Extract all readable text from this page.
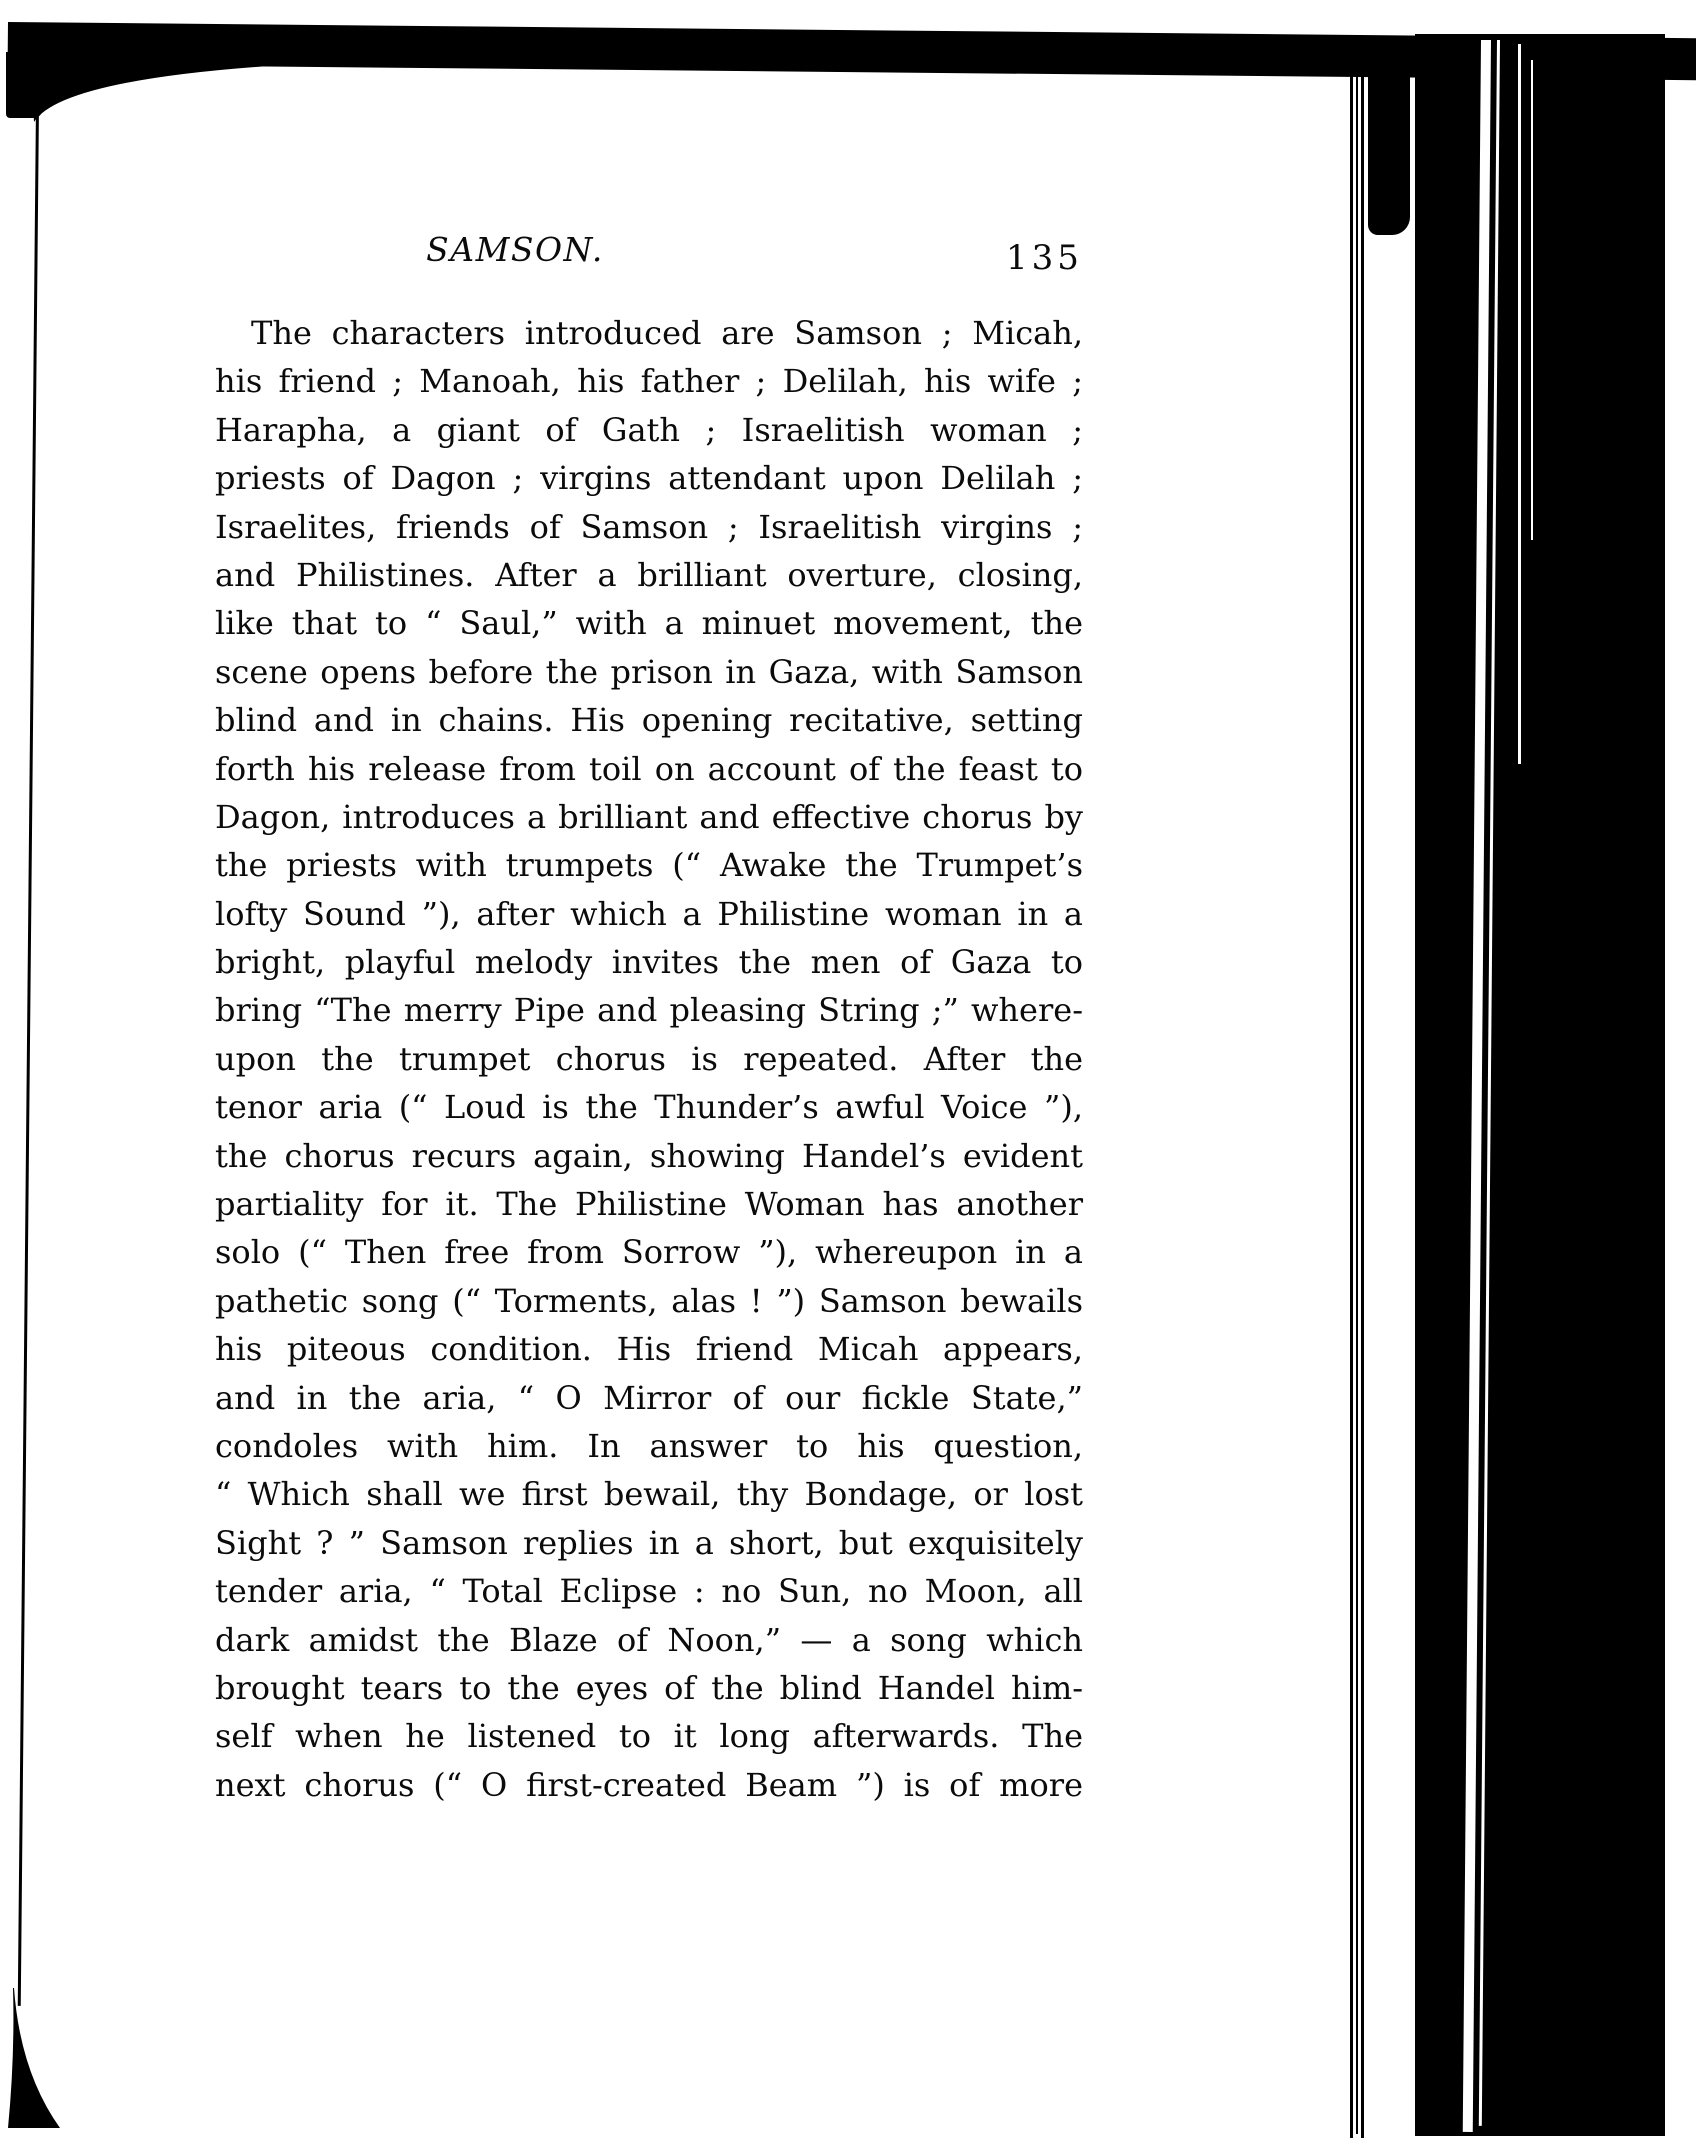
SAMSON.	135
The characters introduced are Samson ; Micah,
his friend ; Manoah, his father ; Delilah, his wife ;
Harapha, a giant of Gath ; Israelitish woman ;
priests of Dagon ; virgins attendant upon Delilah ;
Israelites, friends of Samson ; Israelitish virgins ;
and Philistines. After a brilliant overture, closing,
like that to “ Saul,” with a minuet movement, the
scene opens before the prison in Gaza, with Samson
blind and in chains. His opening recitative, setting
forth his release from toil on account of the feast to
Dagon, introduces a brilliant and effective chorus by
the priests with trumpets (“ Awake the Trumpet’s
lofty Sound ”), after which a Philistine woman in a
bright, playful melody invites the men of Gaza to
bring “The merry Pipe and pleasing String ;” where-
upon the trumpet chorus is repeated. After the
tenor aria (“ Loud is the Thunder’s awful Voice ”),
the chorus recurs again, showing Handel’s evident
partiality for it. The Philistine Woman has another
solo (“ Then free from Sorrow ”), whereupon in a
pathetic song (“ Torments, alas ! ”) Samson bewails
his piteous condition. His friend Micah appears,
and in the aria, “ O Mirror of our fickle State,”
condoles with him. In answer to his question,
“ Which shall we first bewail, thy Bondage, or lost
Sight ? ” Samson replies in a short, but exquisitely
tender aria, “ Total Eclipse : no Sun, no Moon, all
dark amidst the Blaze of Noon,” — a song which
brought tears to the eyes of the blind Handel him-
self when he listened to it long afterwards. The
next chorus (“ O first-created Beam ”) is of more
